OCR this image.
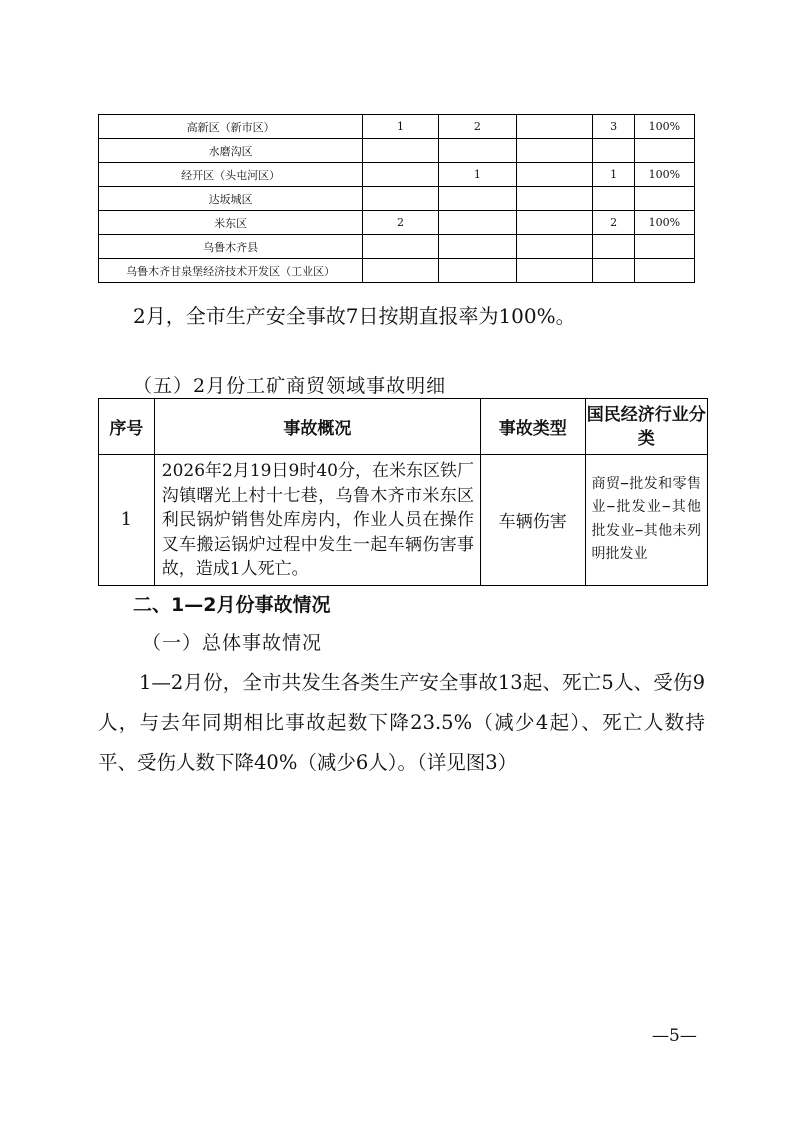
高新区（新市区）	1	2		3	100%
水磨沟区					
经开区（头屯河区）		1		1	100%
达坂城区					
米东区	2			2	100%
乌鲁木齐县					
乌鲁木齐甘泉堡经济技术开发区（工业区）					
2月，全市生产安全事故7日按期直报率为100%。
（五）2月份工矿商贸领域事故明细
序号	事故概况	事故类型	国民经济行业分类
1	2026年2月19日9时40分，在米东区铁厂沟镇曙光上村十七巷，乌鲁木齐市米东区利民锅炉销售处库房内，作业人员在操作叉车搬运锅炉过程中发生一起车辆伤害事故，造成1人死亡。	车辆伤害	商贸−批发和零售业−批发业−其他批发业−其他未列明批发业
二、1—2月份事故情况
（一）总体事故情况
1—2月份，全市共发生各类生产安全事故13起、死亡5人、受伤9人，与去年同期相比事故起数下降23.5%（减少4起）、死亡人数持平、受伤人数下降40%（减少6人）。（详见图3）
—5—
